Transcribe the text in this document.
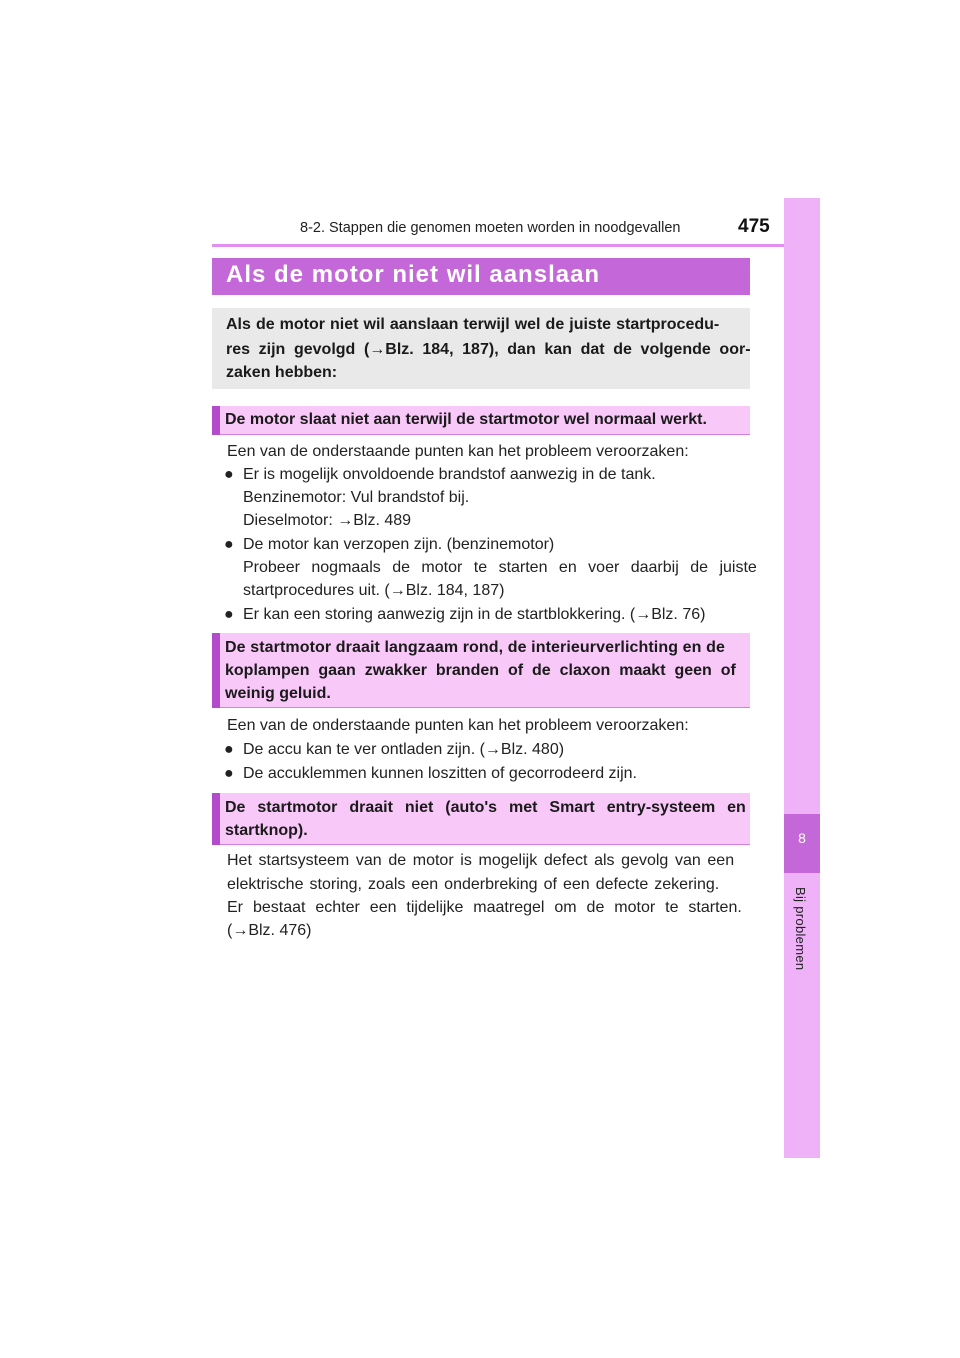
8-2. Stappen die genomen moeten worden in noodgevallen	475
8
Bij problemen
Als de motor niet wil aanslaan
Als de motor niet wil aanslaan terwijl wel de juiste startprocedu-
res zijn gevolgd (→Blz. 184, 187), dan kan dat de volgende oor-
zaken hebben:
De motor slaat niet aan terwijl de startmotor wel normaal werkt.
Een van de onderstaande punten kan het probleem veroorzaken:
● Er is mogelijk onvoldoende brandstof aanwezig in de tank.
Benzinemotor: Vul brandstof bij.
Dieselmotor: →Blz. 489
● De motor kan verzopen zijn. (benzinemotor)
Probeer nogmaals de motor te starten en voer daarbij de juiste
startprocedures uit. (→Blz. 184, 187)
● Er kan een storing aanwezig zijn in de startblokkering. (→Blz. 76)
De startmotor draait langzaam rond, de interieurverlichting en de
koplampen gaan zwakker branden of de claxon maakt geen of
weinig geluid.
Een van de onderstaande punten kan het probleem veroorzaken:
● De accu kan te ver ontladen zijn. (→Blz. 480)
● De accuklemmen kunnen loszitten of gecorrodeerd zijn.
De startmotor draait niet (auto's met Smart entry-systeem en
startknop).
Het startsysteem van de motor is mogelijk defect als gevolg van een
elektrische storing, zoals een onderbreking of een defecte zekering.
Er bestaat echter een tijdelijke maatregel om de motor te starten.
(→Blz. 476)
